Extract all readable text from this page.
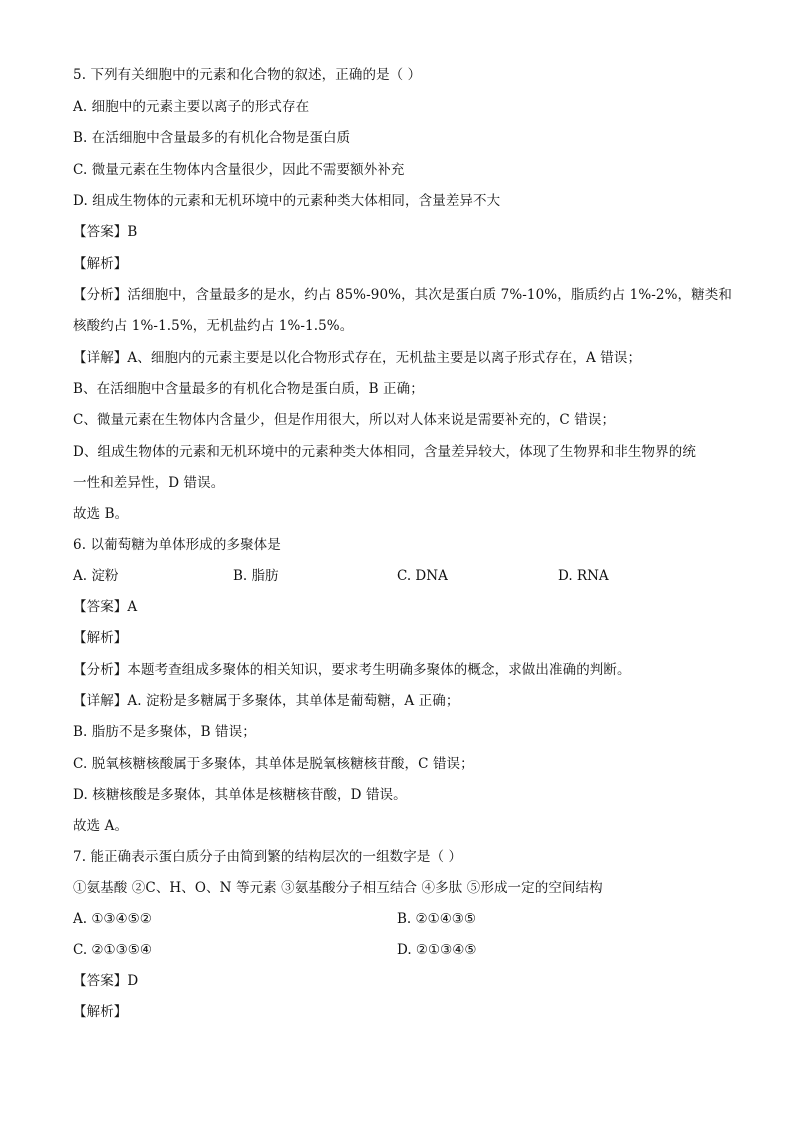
5. 下列有关细胞中的元素和化合物的叙述，正确的是（ ）
A. 细胞中的元素主要以离子的形式存在
B. 在活细胞中含量最多的有机化合物是蛋白质
C. 微量元素在生物体内含量很少，因此不需要额外补充
D. 组成生物体的元素和无机环境中的元素种类大体相同，含量差异不大
【答案】B
【解析】
【分析】活细胞中，含量最多的是水，约占 85%-90%，其次是蛋白质 7%-10%，脂质约占 1%-2%，糖类和
核酸约占 1%-1.5%，无机盐约占 1%-1.5%。
【详解】A、细胞内的元素主要是以化合物形式存在，无机盐主要是以离子形式存在，A 错误；
B、在活细胞中含量最多的有机化合物是蛋白质，B 正确；
C、微量元素在生物体内含量少，但是作用很大，所以对人体来说是需要补充的，C 错误；
D、组成生物体的元素和无机环境中的元素种类大体相同，含量差异较大，体现了生物界和非生物界的统
一性和差异性，D 错误。
故选 B。
6. 以葡萄糖为单体形成的多聚体是
A. 淀粉	B. 脂肪	C. DNA	D. RNA
【答案】A
【解析】
【分析】本题考查组成多聚体的相关知识，要求考生明确多聚体的概念，求做出准确的判断。
【详解】A. 淀粉是多糖属于多聚体，其单体是葡萄糖，A 正确；
B. 脂肪不是多聚体，B 错误；
C. 脱氧核糖核酸属于多聚体，其单体是脱氧核糖核苷酸，C 错误；
D. 核糖核酸是多聚体，其单体是核糖核苷酸，D 错误。
故选 A。
7. 能正确表示蛋白质分子由简到繁的结构层次的一组数字是（ ）
①氨基酸 ②C、H、O、N 等元素 ③氨基酸分子相互结合 ④多肽 ⑤形成一定的空间结构
A. ①③④⑤②	B. ②①④③⑤
C. ②①③⑤④	D. ②①③④⑤
【答案】D
【解析】
